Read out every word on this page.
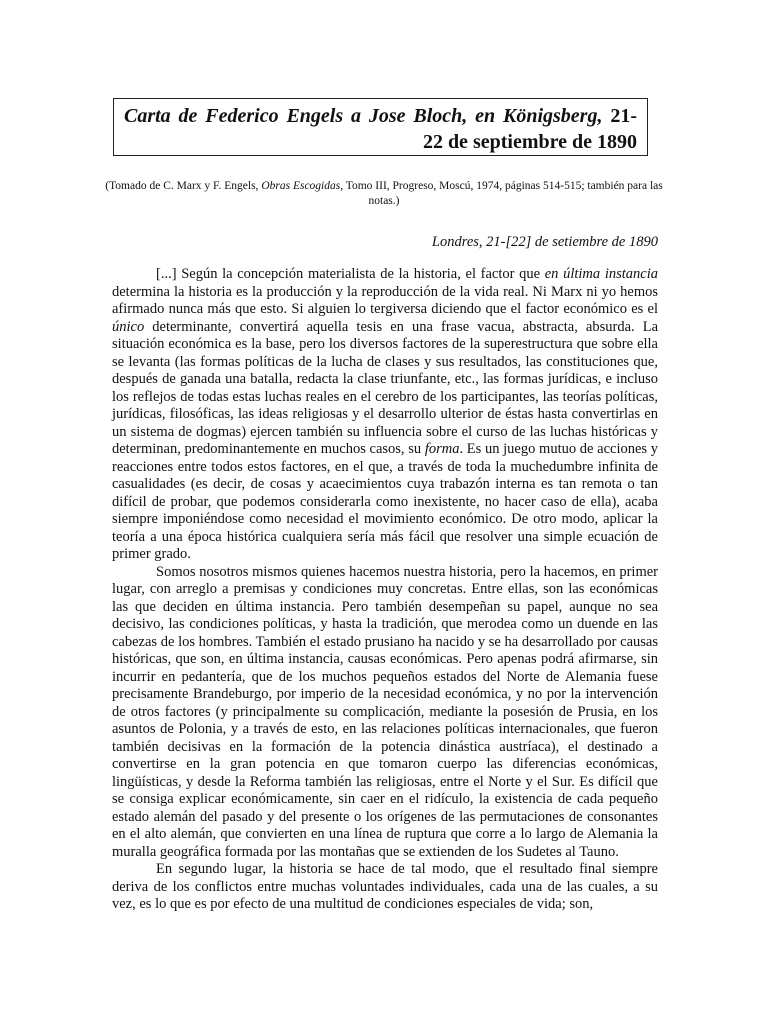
Carta de Federico Engels a Jose Bloch, en Königsberg, 21-
22 de septiembre de 1890
(Tomado de C. Marx y F. Engels, Obras Escogidas, Tomo III, Progreso, Moscú, 1974, páginas 514-515; también para las notas.)
Londres, 21-[22] de setiembre de 1890

[...] Según la concepción materialista de la historia, el factor que en última instancia determina la historia es la producción y la reproducción de la vida real. Ni Marx ni yo hemos afirmado nunca más que esto. Si alguien lo tergiversa diciendo que el factor económico es el único determinante, convertirá aquella tesis en una frase vacua, abstracta, absurda. La situación económica es la base, pero los diversos factores de la superestructura que sobre ella se levanta (las formas políticas de la lucha de clases y sus resultados, las constituciones que, después de ganada una batalla, redacta la clase triunfante, etc., las formas jurídicas, e incluso los reflejos de todas estas luchas reales en el cerebro de los participantes, las teorías políticas, jurídicas, filosóficas, las ideas religiosas y el desarrollo ulterior de éstas hasta convertirlas en un sistema de dogmas) ejercen también su influencia sobre el curso de las luchas históricas y determinan, predominantemente en muchos casos, su forma. Es un juego mutuo de acciones y reacciones entre todos estos factores, en el que, a través de toda la muchedumbre infinita de casualidades (es decir, de cosas y acaecimientos cuya trabazón interna es tan remota o tan difícil de probar, que podemos considerarla como inexistente, no hacer caso de ella), acaba siempre imponiéndose como necesidad el movimiento económico. De otro modo, aplicar la teoría a una época histórica cualquiera sería más fácil que resolver una simple ecuación de primer grado.

Somos nosotros mismos quienes hacemos nuestra historia, pero la hacemos, en primer lugar, con arreglo a premisas y condiciones muy concretas. Entre ellas, son las económicas las que deciden en última instancia. Pero también desempeñan su papel, aunque no sea decisivo, las condiciones políticas, y hasta la tradición, que merodea como un duende en las cabezas de los hombres. También el estado prusiano ha nacido y se ha desarrollado por causas históricas, que son, en última instancia, causas económicas. Pero apenas podrá afirmarse, sin incurrir en pedantería, que de los muchos pequeños estados del Norte de Alemania fuese precisamente Brandeburgo, por imperio de la necesidad económica, y no por la intervención de otros factores (y principalmente su complicación, mediante la posesión de Prusia, en los asuntos de Polonia, y a través de esto, en las relaciones políticas internacionales, que fueron también decisivas en la formación de la potencia dinástica austríaca), el destinado a convertirse en la gran potencia en que tomaron cuerpo las diferencias económicas, lingüísticas, y desde la Reforma también las religiosas, entre el Norte y el Sur. Es difícil que se consiga explicar económicamente, sin caer en el ridículo, la existencia de cada pequeño estado alemán del pasado y del presente o los orígenes de las permutaciones de consonantes en el alto alemán, que convierten en una línea de ruptura que corre a lo largo de Alemania la muralla geográfica formada por las montañas que se extienden de los Sudetes al Tauno.

En segundo lugar, la historia se hace de tal modo, que el resultado final siempre deriva de los conflictos entre muchas voluntades individuales, cada una de las cuales, a su vez, es lo que es por efecto de una multitud de condiciones especiales de vida; son,
